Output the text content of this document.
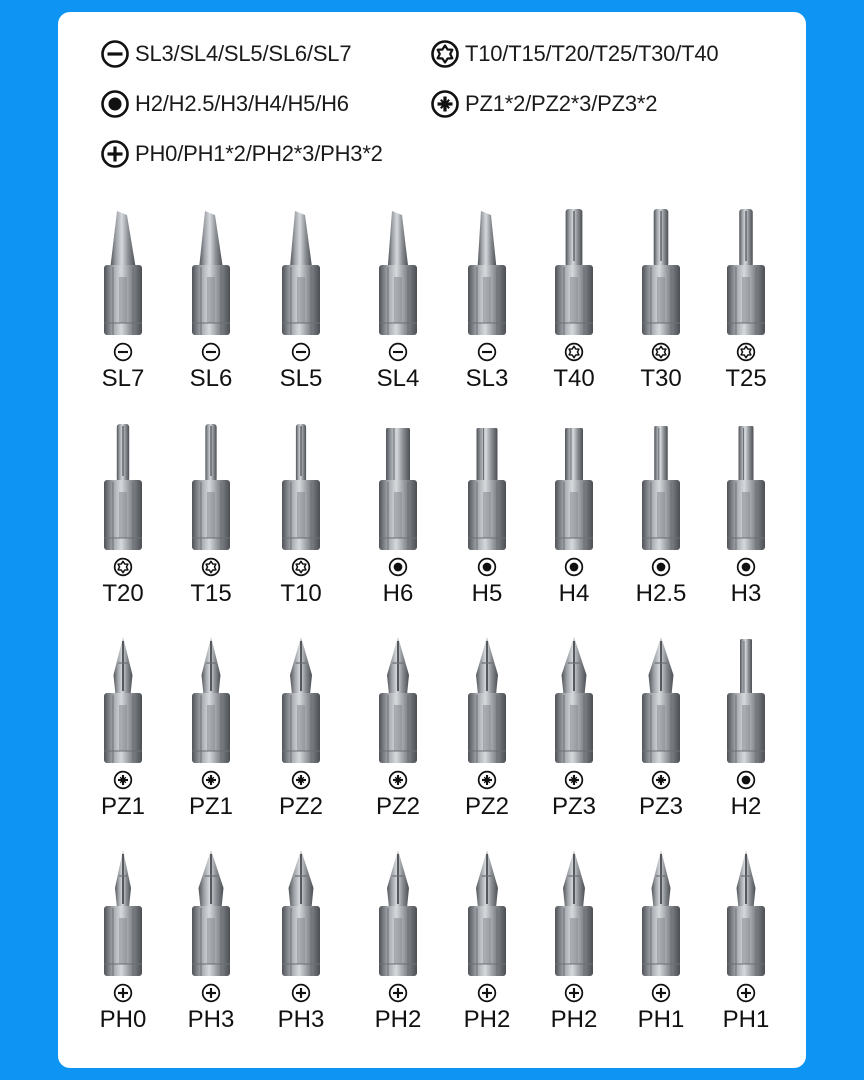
SL3/SL4/SL5/SL6/SL7	T10/T15/T20/T25/T30/T40
H2/H2.5/H3/H4/H5/H6	PZ1*2/PZ2*3/PZ3*2
PH0/PH1*2/PH2*3/PH3*2
SL7	SL6	SL5	SL4	SL3	T40	T30	T25
T20	T15	T10	H6	H5	H4	H2.5	H3
PZ1	PZ1	PZ2	PZ2	PZ2	PZ3	PZ3	H2
PH0	PH3	PH3	PH2	PH2	PH2	PH1	PH1
